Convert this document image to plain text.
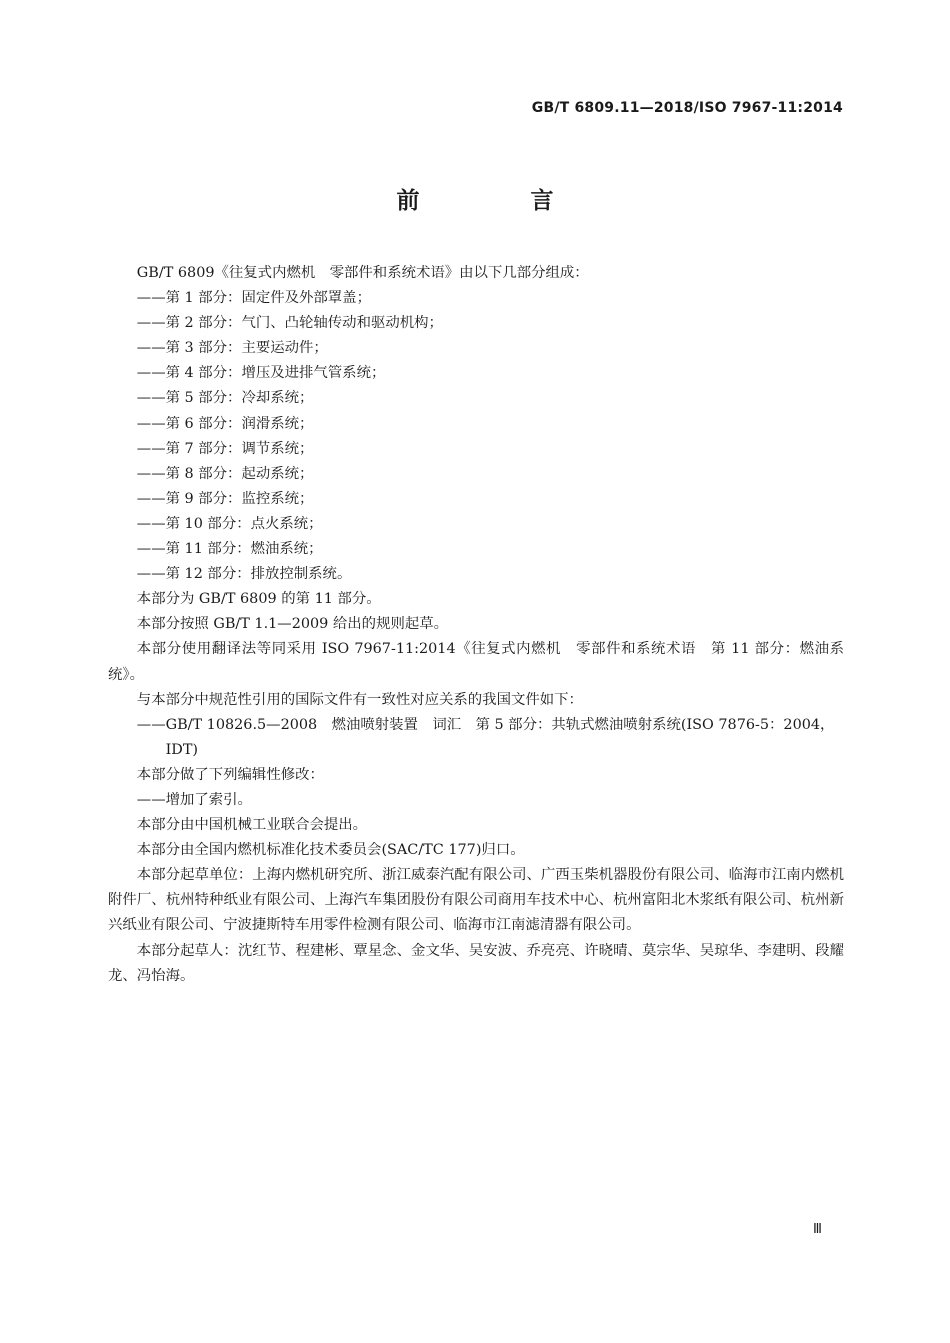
GB/T 6809.11—2018/ISO 7967-11:2014
前　言

GB/T 6809《往复式内燃机　零部件和系统术语》由以下几部分组成：

——第 1 部分：固定件及外部罩盖；

——第 2 部分：气门、凸轮轴传动和驱动机构；

——第 3 部分：主要运动件；

——第 4 部分：增压及进排气管系统；

——第 5 部分：冷却系统；

——第 6 部分：润滑系统；

——第 7 部分：调节系统；

——第 8 部分：起动系统；

——第 9 部分：监控系统；

——第 10 部分：点火系统；

——第 11 部分：燃油系统；

——第 12 部分：排放控制系统。

本部分为 GB/T 6809 的第 11 部分。

本部分按照 GB/T 1.1—2009 给出的规则起草。

本部分使用翻译法等同采用 ISO 7967-11:2014《往复式内燃机　零部件和系统术语　第 11 部分：燃油系统》。

与本部分中规范性引用的国际文件有一致性对应关系的我国文件如下：

——GB/T 10826.5—2008　燃油喷射装置　词汇　第 5 部分：共轨式燃油喷射系统(ISO 7876-5：2004，IDT)

本部分做了下列编辑性修改：

——增加了索引。

本部分由中国机械工业联合会提出。

本部分由全国内燃机标准化技术委员会(SAC/TC 177)归口。

本部分起草单位：上海内燃机研究所、浙江威泰汽配有限公司、广西玉柴机器股份有限公司、临海市江南内燃机附件厂、杭州特种纸业有限公司、上海汽车集团股份有限公司商用车技术中心、杭州富阳北木浆纸有限公司、杭州新兴纸业有限公司、宁波捷斯特车用零件检测有限公司、临海市江南滤清器有限公司。

本部分起草人：沈红节、程建彬、覃星念、金文华、吴安波、乔亮亮、许晓晴、莫宗华、吴琼华、李建明、段耀龙、冯怡海。

Ⅲ
